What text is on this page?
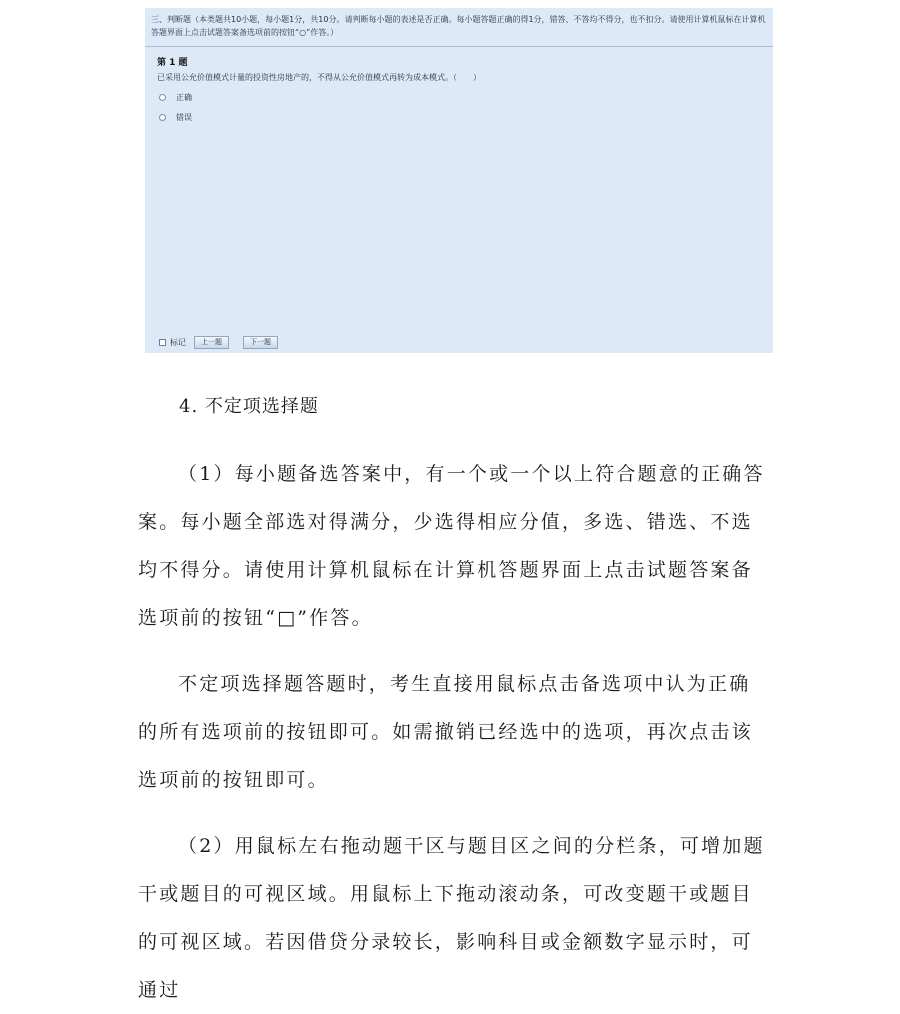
三、判断题（本类题共10小题，每小题1分，共10分。请判断每小题的表述是否正确。每小题答题正确的得1分，错答、不答均不得分，也不扣分。请使用计算机鼠标在计算机答题界面上点击试题答案备选项前的按钮“○”作答。）
第 1 题
已采用公允价值模式计量的投资性房地产的，不得从公允价值模式再转为成本模式。（　　）
正确
错误
标记	上一题	下一题
4. 不定项选择题
（1）每小题备选答案中，有一个或一个以上符合题意的正确答案。每小题全部选对得满分，少选得相应分值，多选、错选、不选均不得分。请使用计算机鼠标在计算机答题界面上点击试题答案备选项前的按钮“□”作答。
不定项选择题答题时，考生直接用鼠标点击备选项中认为正确的所有选项前的按钮即可。如需撤销已经选中的选项，再次点击该选项前的按钮即可。
（2）用鼠标左右拖动题干区与题目区之间的分栏条，可增加题干或题目的可视区域。用鼠标上下拖动滚动条，可改变题干或题目的可视区域。若因借贷分录较长，影响科目或金额数字显示时，可通过
